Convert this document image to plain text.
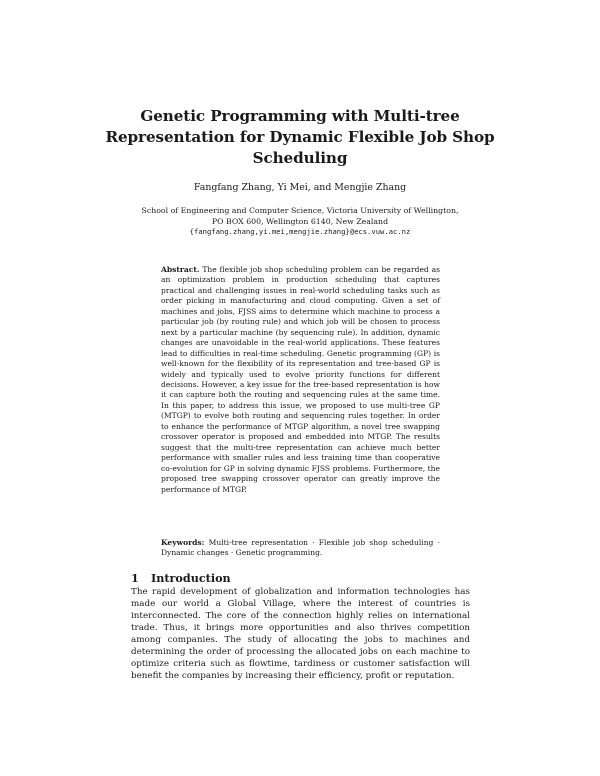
Genetic Programming with Multi-tree Representation for Dynamic Flexible Job Shop Scheduling
Fangfang Zhang, Yi Mei, and Mengjie Zhang
School of Engineering and Computer Science, Victoria University of Wellington,
PO BOX 600, Wellington 6140, New Zealand
{fangfang.zhang,yi.mei,mengjie.zhang}@ecs.vuw.ac.nz
Abstract. The flexible job shop scheduling problem can be regarded as an optimization problem in production scheduling that captures practical and challenging issues in real-world scheduling tasks such as order picking in manufacturing and cloud computing. Given a set of machines and jobs, FJSS aims to determine which machine to process a particular job (by routing rule) and which job will be chosen to process next by a particular machine (by sequencing rule). In addition, dynamic changes are unavoidable in the real-world applications. These features lead to difficulties in real-time scheduling. Genetic programming (GP) is well-known for the flexibility of its representation and tree-based GP is widely and typically used to evolve priority functions for different decisions. However, a key issue for the tree-based representation is how it can capture both the routing and sequencing rules at the same time. In this paper, to address this issue, we proposed to use multi-tree GP (MTGP) to evolve both routing and sequencing rules together. In order to enhance the performance of MTGP algorithm, a novel tree swapping crossover operator is proposed and embedded into MTGP. The results suggest that the multi-tree representation can achieve much better performance with smaller rules and less training time than cooperative co-evolution for GP in solving dynamic FJSS problems. Furthermore, the proposed tree swapping crossover operator can greatly improve the performance of MTGP.
Keywords: Multi-tree representation · Flexible job shop scheduling · Dynamic changes · Genetic programming.
1 Introduction
The rapid development of globalization and information technologies has made our world a Global Village, where the interest of countries is interconnected. The core of the connection highly relies on international trade. Thus, it brings more opportunities and also thrives competition among companies. The study of allocating the jobs to machines and determining the order of processing the allocated jobs on each machine to optimize criteria such as flowtime, tardiness or customer satisfaction will benefit the companies by increasing their efficiency, profit or reputation.
